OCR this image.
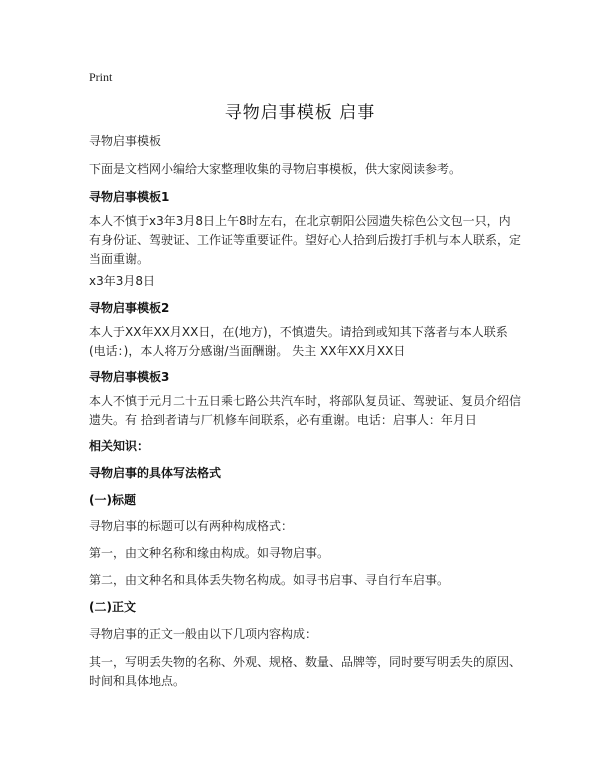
Print
寻物启事模板 启事
寻物启事模板
下面是文档网小编给大家整理收集的寻物启事模板，供大家阅读参考。
寻物启事模板1
本人不慎于x3年3月8日上午8时左右，在北京朝阳公园遗失棕色公文包一只，内有身份证、驾驶证、工作证等重要证件。望好心人拾到后拨打手机与本人联系，定当面重谢。
x3年3月8日
寻物启事模板2
本人于XX年XX月XX日，在(地方)，不慎遗失。请拾到或知其下落者与本人联系(电话：)，本人将万分感谢/当面酬谢。 失主 XX年XX月XX日
寻物启事模板3
本人不慎于元月二十五日乘七路公共汽车时，将部队复员证、驾驶证、复员介绍信遗失。有 拾到者请与厂机修车间联系，必有重谢。电话：启事人：年月日
相关知识：
寻物启事的具体写法格式
(一)标题
寻物启事的标题可以有两种构成格式：
第一，由文种名称和缘由构成。如寻物启事。
第二，由文种名和具体丢失物名构成。如寻书启事、寻自行车启事。
(二)正文
寻物启事的正文一般由以下几项内容构成：
其一，写明丢失物的名称、外观、规格、数量、品牌等，同时要写明丢失的原因、时间和具体地点。
